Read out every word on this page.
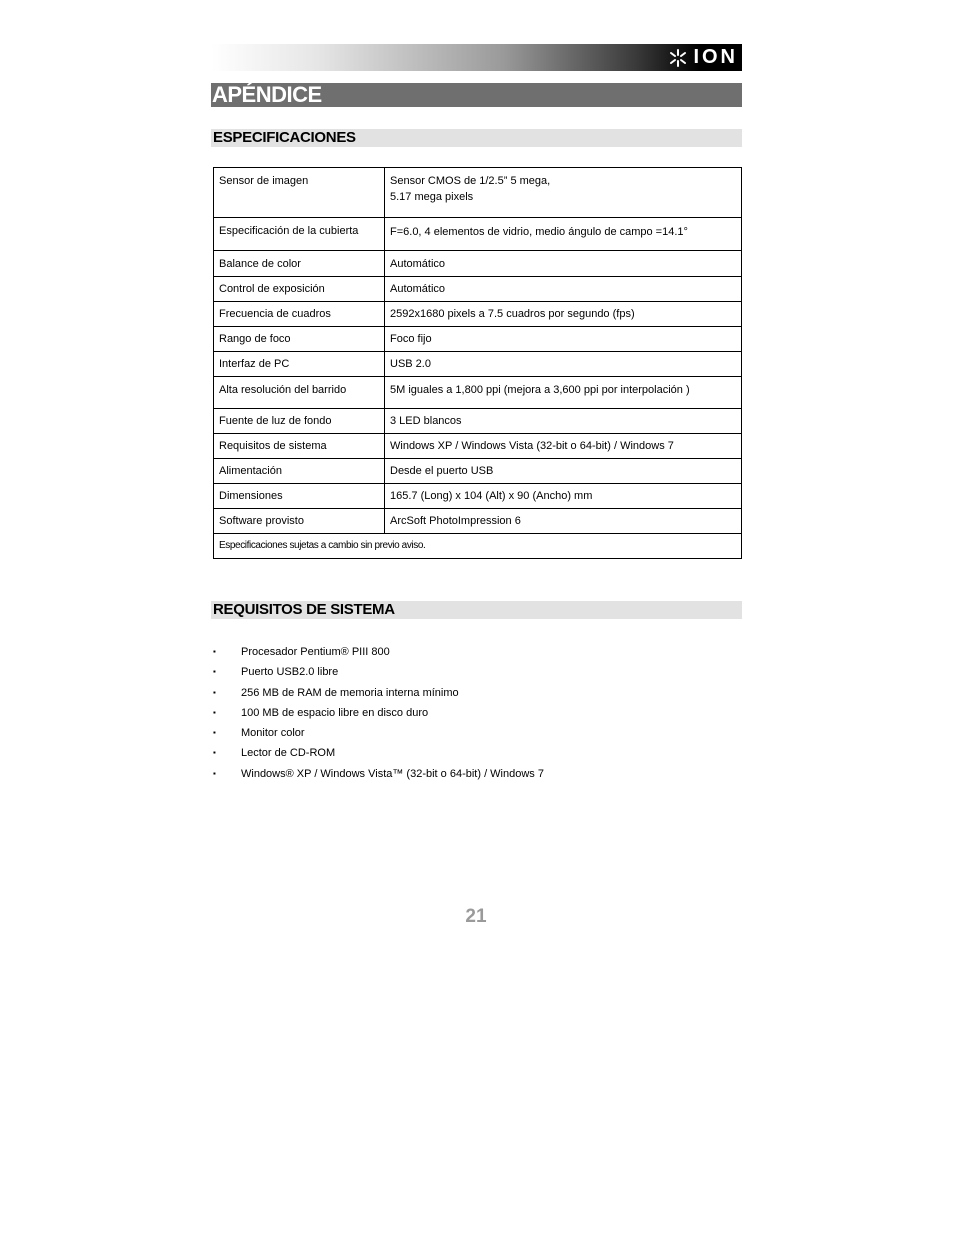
ION
APÉNDICE
ESPECIFICACIONES
Sensor de imagen	Sensor CMOS de 1/2.5” 5 mega,
5.17 mega pixels

Especificación de la cubierta	F=6.0, 4 elementos de vidrio, medio ángulo de campo =14.1°
Balance de color	Automático
Control de exposición	Automático
Frecuencia de cuadros	2592x1680 pixels a 7.5 cuadros por segundo (fps)
Rango de foco	Foco fijo
Interfaz de PC	USB 2.0
Alta resolución del barrido	5M iguales a 1,800 ppi (mejora a 3,600 ppi por interpolación )
Fuente de luz de fondo	3 LED blancos
Requisitos de sistema	Windows XP / Windows Vista (32-bit o 64-bit) / Windows 7
Alimentación	Desde el puerto USB
Dimensiones	165.7 (Long) x 104 (Alt) x 90 (Ancho) mm
Software provisto	ArcSoft PhotoImpression 6
Especificaciones sujetas a cambio sin previo aviso.	
REQUISITOS DE SISTEMA
▪	Procesador Pentium® PIII 800
▪	Puerto USB2.0 libre
▪	256 MB de RAM de memoria interna mínimo
▪	100 MB de espacio libre en disco duro
▪	Monitor color
▪	Lector de CD-ROM
▪	Windows® XP / Windows Vista™ (32-bit o 64-bit) / Windows 7
21
